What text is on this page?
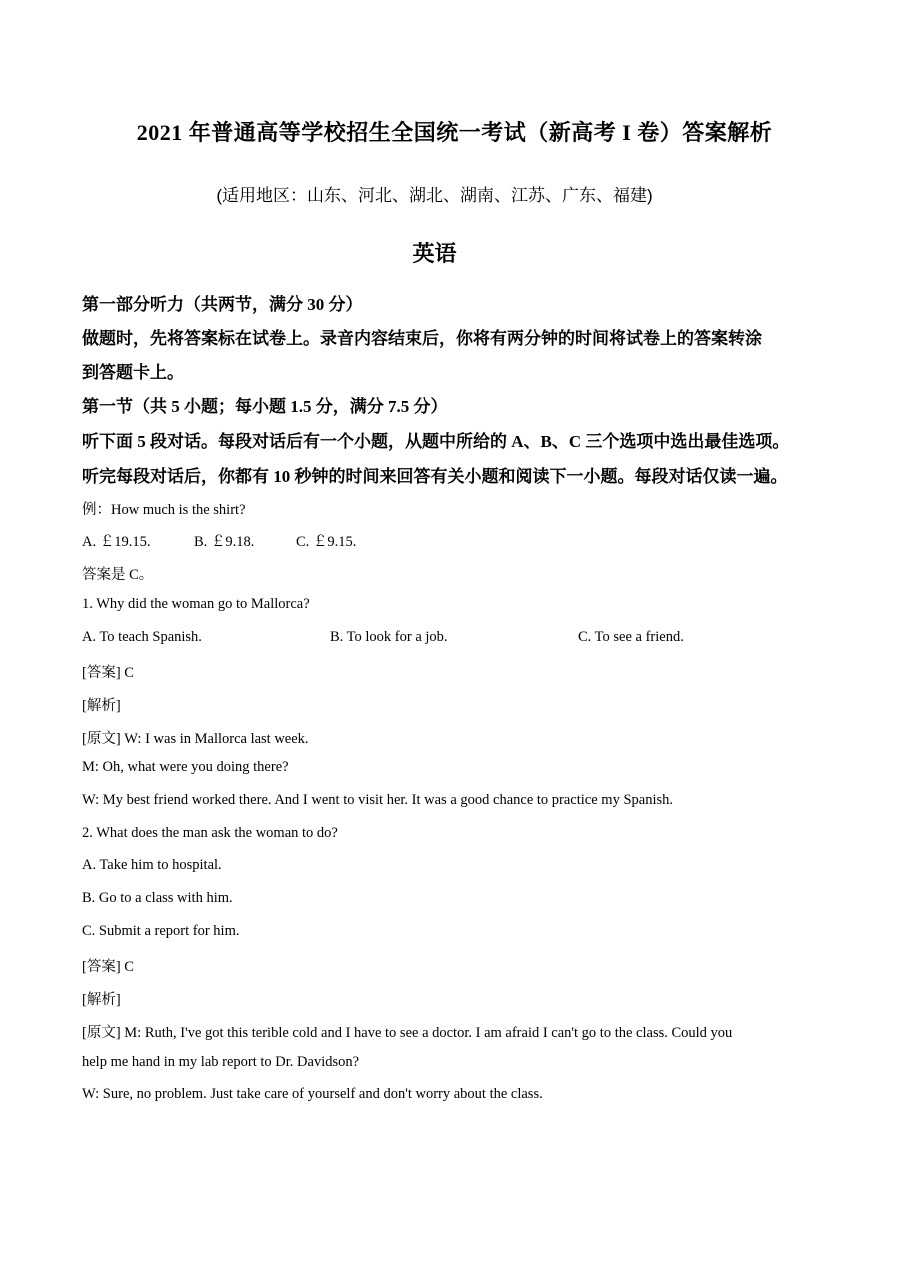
2021 年普通高等学校招生全国统一考试（新高考 I 卷）答案解析
(适用地区：山东、河北、湖北、湖南、江苏、广东、福建)
英语
第一部分听力（共两节，满分 30 分）
做题时，先将答案标在试卷上。录音内容结束后，你将有两分钟的时间将试卷上的答案转涂
到答题卡上。
第一节（共 5 小题；每小题 1.5 分，满分 7.5 分）
听下面 5 段对话。每段对话后有一个小题，从题中所给的 A、B、C 三个选项中选出最佳选项。
听完每段对话后，你都有 10 秒钟的时间来回答有关小题和阅读下一小题。每段对话仅读一遍。
例：How much is the shirt?
A. ￡19.15.	B. ￡9.18.	C. ￡9.15.
答案是 C。
1. Why did the woman go to Mallorca?
A. To teach Spanish.	B. To look for a job.	C. To see a friend.
[答案] C
[解析]
[原文] W: I was in Mallorca last week.
M: Oh, what were you doing there?
W: My best friend worked there. And I went to visit her. It was a good chance to practice my Spanish.
2. What does the man ask the woman to do?
A. Take him to hospital.
B. Go to a class with him.
C. Submit a report for him.
[答案] C
[解析]
[原文] M: Ruth, I've got this terible cold and I have to see a doctor. I am afraid I can't go to the class. Could you
help me hand in my lab report to Dr. Davidson?
W: Sure, no problem. Just take care of yourself and don't worry about the class.
